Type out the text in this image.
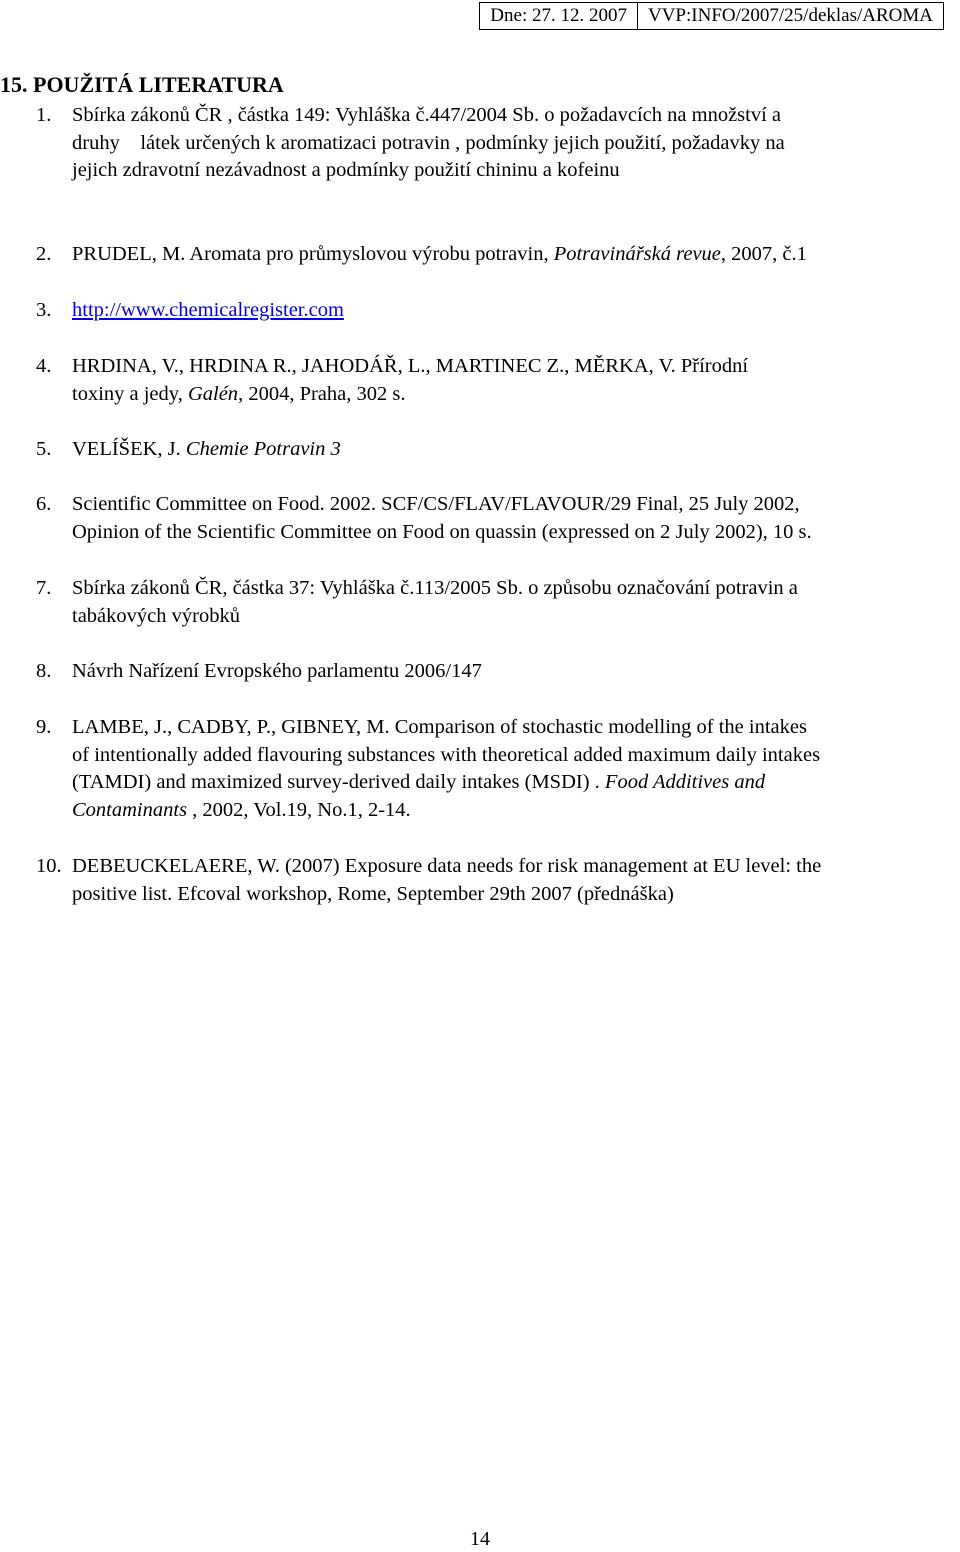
Dne: 27. 12. 2007	VVP:INFO/2007/25/deklas/AROMA
15. POUŽITÁ LITERATURA
1. Sbírka zákonů ČR , částka 149: Vyhláška č.447/2004 Sb. o požadavcích na množství a
druhy    látek určených k aromatizaci potravin , podmínky jejich použití, požadavky na
jejich zdravotní nezávadnost a podmínky použití chininu a kofeinu
2. PRUDEL, M. Aromata pro průmyslovou výrobu potravin, Potravinářská revue, 2007, č.1
3. http://www.chemicalregister.com
4. HRDINA, V., HRDINA R., JAHODÁŘ, L., MARTINEC Z., MĚRKA, V. Přírodní
toxiny a jedy, Galén, 2004, Praha, 302 s.
5. VELÍŠEK, J. Chemie Potravin 3
6. Scientific Committee on Food. 2002. SCF/CS/FLAV/FLAVOUR/29 Final, 25 July 2002,
Opinion of the Scientific Committee on Food on quassin (expressed on 2 July 2002), 10 s.
7. Sbírka zákonů ČR, částka 37: Vyhláška č.113/2005 Sb. o způsobu označování potravin a
tabákových výrobků
8. Návrh Nařízení Evropského parlamentu 2006/147
9. LAMBE, J., CADBY, P., GIBNEY, M. Comparison of stochastic modelling of the intakes
of intentionally added flavouring substances with theoretical added maximum daily intakes
(TAMDI) and maximized survey-derived daily intakes (MSDI) . Food Additives and
Contaminants , 2002, Vol.19, No.1, 2-14.
10. DEBEUCKELAERE, W. (2007) Exposure data needs for risk management at EU level: the
positive list. Efcoval workshop, Rome, September 29th 2007 (přednáška)
14
